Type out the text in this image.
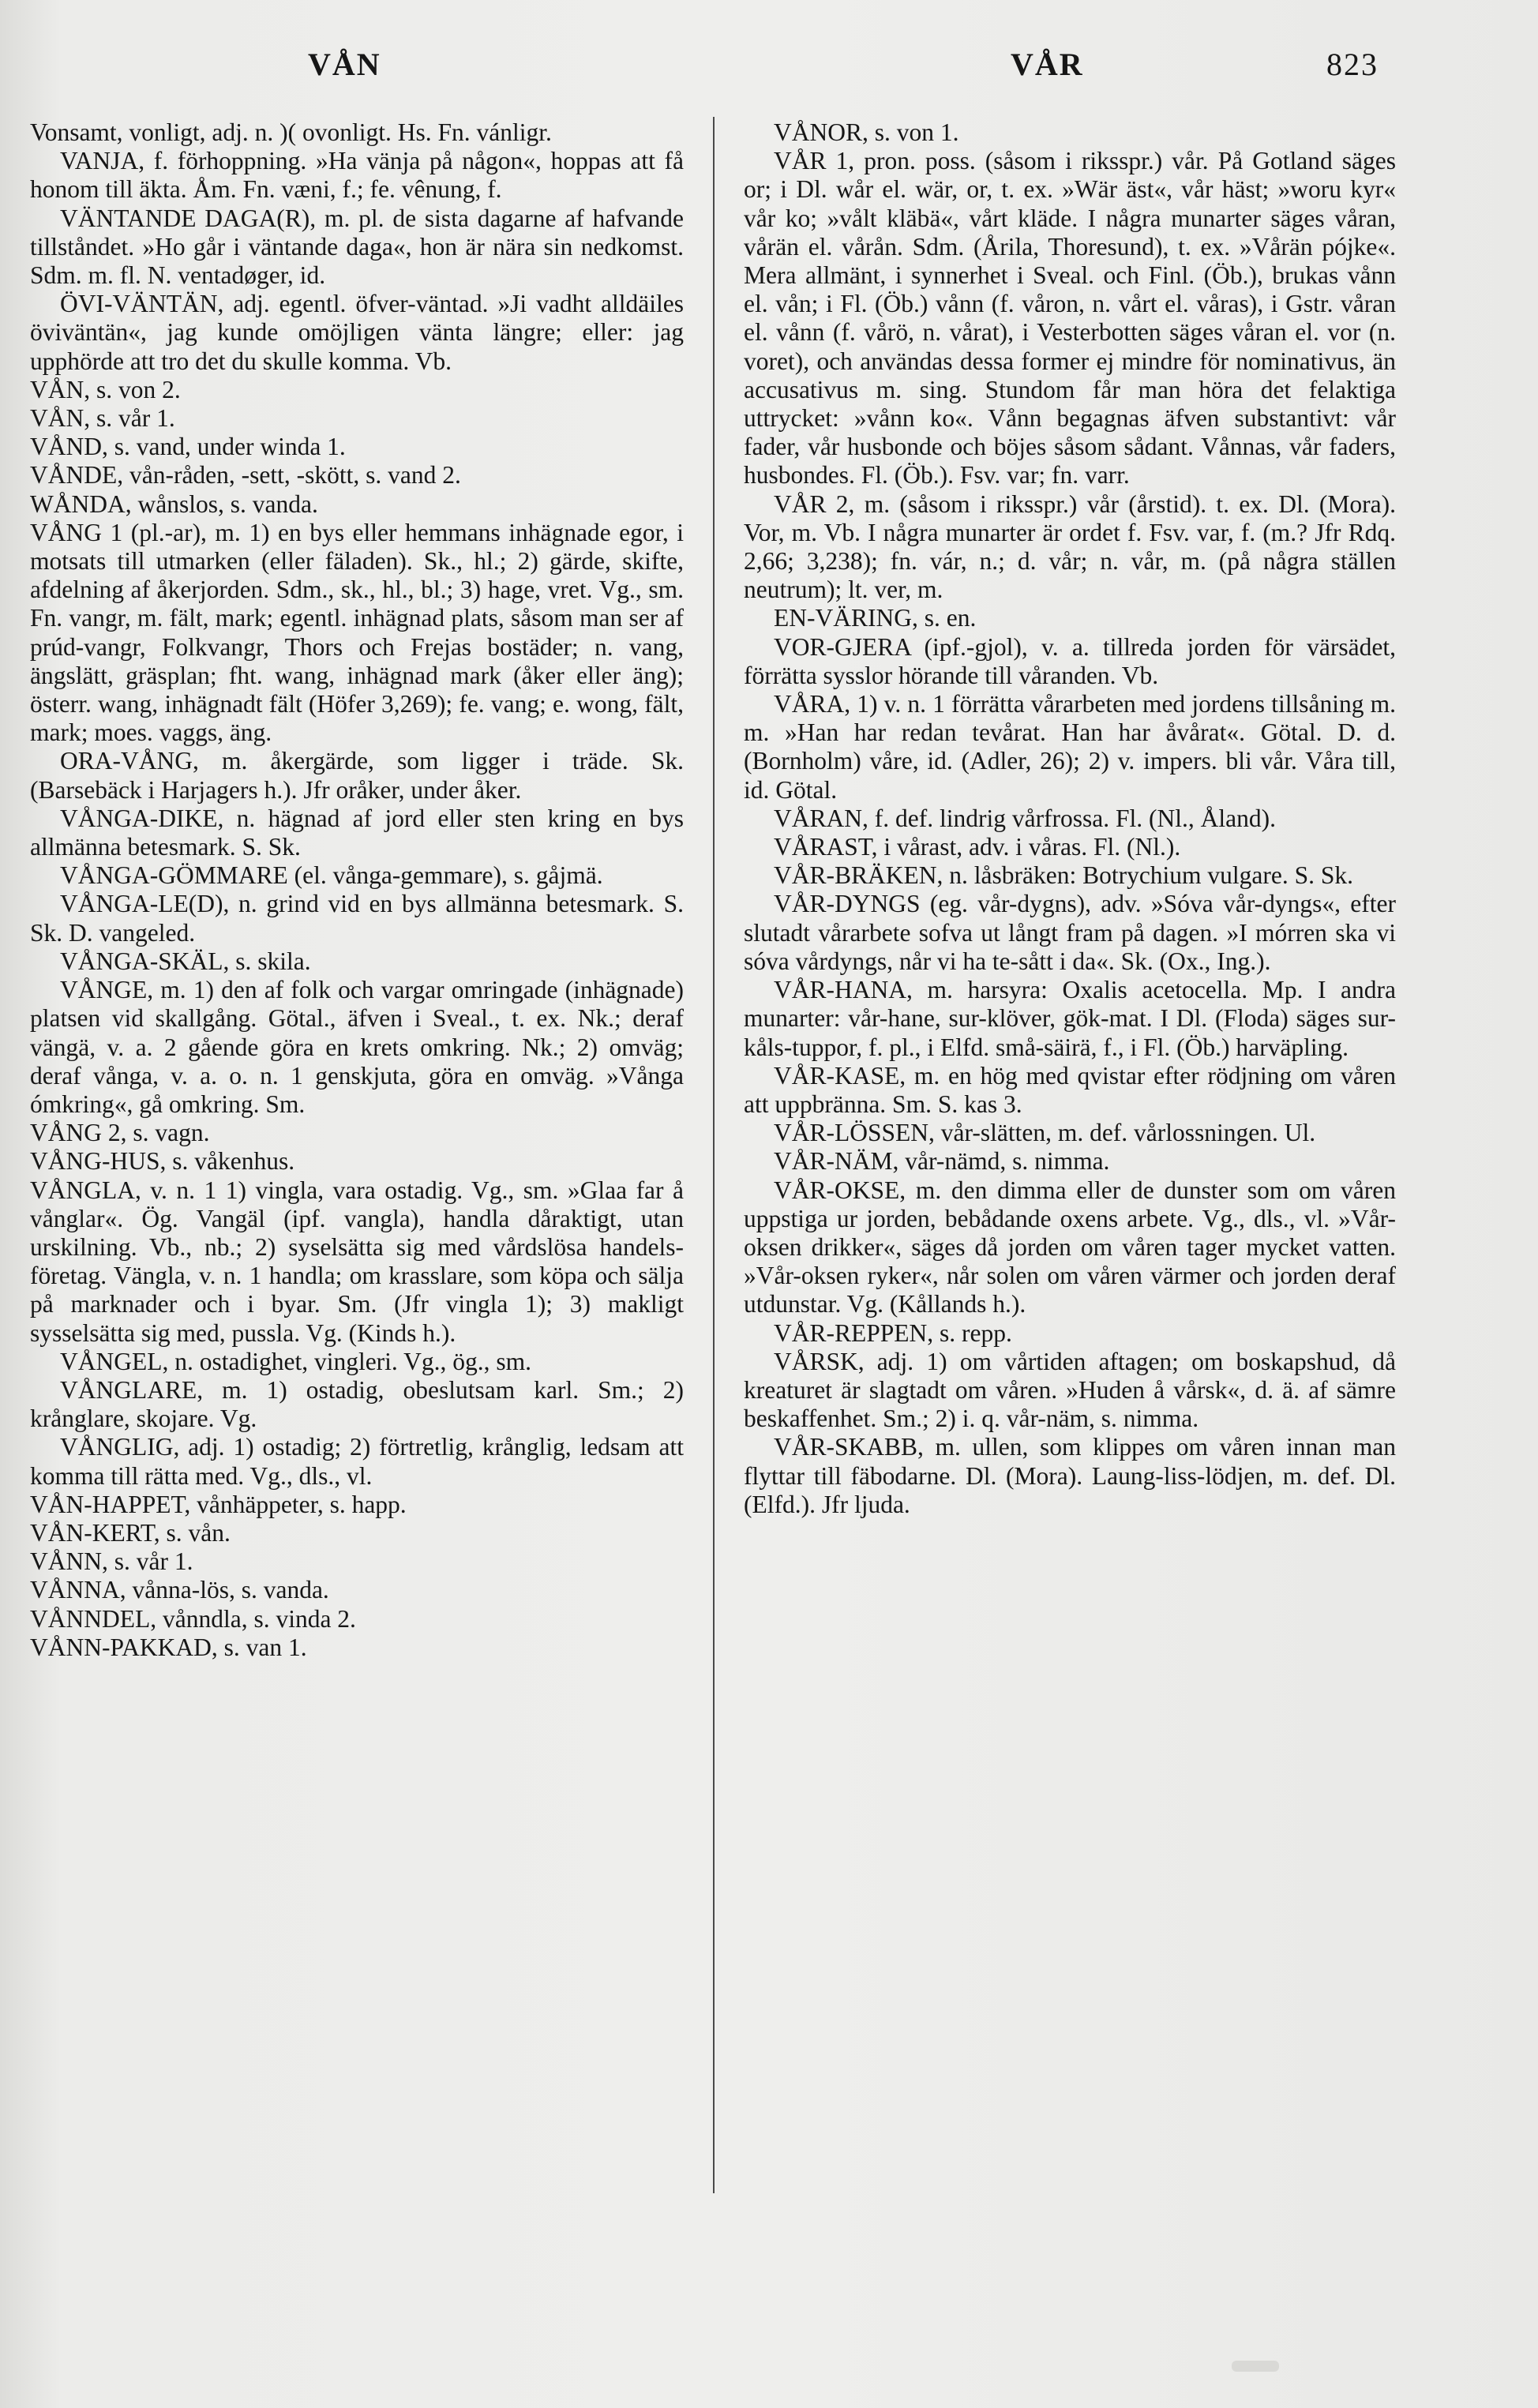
VÅN	VÅR	823

Vonsamt, vonligt, adj. n. )( ovonligt. Hs. Fn. vánligr.

VANJA, f. förhoppning. »Ha vänja på någon«, hoppas att få honom till äkta. Åm. Fn. væni, f.; fe. vênung, f.

VÄNTANDE DAGA(R), m. pl. de sista dagarne af hafvande tillståndet. »Ho går i väntande daga«, hon är nära sin nedkomst. Sdm. m. fl. N. ventadøger, id.

ÖVI-VÄNTÄN, adj. egentl. öfver-väntad. »Ji vadht alldäiles öviväntän«, jag kunde omöjligen vänta längre; eller: jag upphörde att tro det du skulle komma. Vb.

VÅN, s. von 2.

VÅN, s. vår 1.

VÅND, s. vand, under winda 1.

VÅNDE, vån-råden, -sett, -skött, s. vand 2.

WÅNDA, wånslos, s. vanda.

VÅNG 1 (pl.-ar), m. 1) en bys eller hemmans inhägnade egor, i motsats till utmarken (eller fäladen). Sk., hl.; 2) gärde, skifte, afdelning af åkerjorden. Sdm., sk., hl., bl.; 3) hage, vret. Vg., sm. Fn. vangr, m. fält, mark; egentl. inhägnad plats, såsom man ser af prúd-vangr, Folkvangr, Thors och Frejas bostäder; n. vang, ängslätt, gräsplan; fht. wang, inhägnad mark (åker eller äng); österr. wang, inhägnadt fält (Höfer 3,269); fe. vang; e. wong, fält, mark; moes. vaggs, äng.

ORA-VÅNG, m. åkergärde, som ligger i träde. Sk. (Barsebäck i Harjagers h.). Jfr oråker, under åker.

VÅNGA-DIKE, n. hägnad af jord eller sten kring en bys allmänna betesmark. S. Sk.

VÅNGA-GÖMMARE (el. vånga-gemmare), s. gåjmä.

VÅNGA-LE(D), n. grind vid en bys allmänna betesmark. S. Sk. D. vangeled.

VÅNGA-SKÄL, s. skila.

VÅNGE, m. 1) den af folk och vargar omringade (inhägnade) platsen vid skallgång. Götal., äfven i Sveal., t. ex. Nk.; deraf vängä, v. a. 2 gående göra en krets omkring. Nk.; 2) omväg; deraf vånga, v. a. o. n. 1 genskjuta, göra en omväg. »Vånga ómkring«, gå omkring. Sm.

VÅNG 2, s. vagn.

VÅNG-HUS, s. våkenhus.

VÅNGLA, v. n. 1 1) vingla, vara ostadig. Vg., sm. »Glaa far å vånglar«. Ög. Vangäl (ipf. vangla), handla dåraktigt, utan urskilning. Vb., nb.; 2) syselsätta sig med vårdslösa handels-företag. Vängla, v. n. 1 handla; om krasslare, som köpa och sälja på marknader och i byar. Sm. (Jfr vingla 1); 3) makligt sysselsätta sig med, pussla. Vg. (Kinds h.).

VÅNGEL, n. ostadighet, vingleri. Vg., ög., sm.

VÅNGLARE, m. 1) ostadig, obeslutsam karl. Sm.; 2) krånglare, skojare. Vg.

VÅNGLIG, adj. 1) ostadig; 2) förtretlig, krånglig, ledsam att komma till rätta med. Vg., dls., vl.

VÅN-HAPPET, vånhäppeter, s. happ.

VÅN-KERT, s. vån.

VÅNN, s. vår 1.

VÅNNA, vånna-lös, s. vanda.

VÅNNDEL, vånndla, s. vinda 2.

VÅNN-PAKKAD, s. van 1.

VÅNOR, s. von 1.

VÅR 1, pron. poss. (såsom i riksspr.) vår. På Gotland säges or; i Dl. wår el. wär, or, t. ex. »Wär äst«, vår häst; »woru kyr« vår ko; »vålt kläbä«, vårt kläde. I några munarter säges våran, vårän el. vårån. Sdm. (Årila, Thoresund), t. ex. »Vårän pójke«. Mera allmänt, i synnerhet i Sveal. och Finl. (Öb.), brukas vånn el. vån; i Fl. (Öb.) vånn (f. våron, n. vårt el. våras), i Gstr. våran el. vånn (f. vårö, n. vårat), i Vesterbotten säges våran el. vor (n. voret), och användas dessa former ej mindre för nominativus, än accusativus m. sing. Stundom får man höra det felaktiga uttrycket: »vånn ko«. Vånn begagnas äfven substantivt: vår fader, vår husbonde och böjes såsom sådant. Vånnas, vår faders, husbondes. Fl. (Öb.). Fsv. var; fn. varr.

VÅR 2, m. (såsom i riksspr.) vår (årstid). t. ex. Dl. (Mora). Vor, m. Vb. I några munarter är ordet f. Fsv. var, f. (m.? Jfr Rdq. 2,66; 3,238); fn. vár, n.; d. vår; n. vår, m. (på några ställen neutrum); lt. ver, m.

EN-VÄRING, s. en.

VOR-GJERA (ipf.-gjol), v. a. tillreda jorden för värsädet, förrätta sysslor hörande till våranden. Vb.

VÅRA, 1) v. n. 1 förrätta vårarbeten med jordens tillsåning m. m. »Han har redan tevårat. Han har åvårat«. Götal. D. d. (Bornholm) våre, id. (Adler, 26); 2) v. impers. bli vår. Våra till, id. Götal.

VÅRAN, f. def. lindrig vårfrossa. Fl. (Nl., Åland).

VÅRAST, i vårast, adv. i våras. Fl. (Nl.).

VÅR-BRÄKEN, n. låsbräken: Botrychium vulgare. S. Sk.

VÅR-DYNGS (eg. vår-dygns), adv. »Sóva vår-dyngs«, efter slutadt vårarbete sofva ut långt fram på dagen. »I mórren ska vi sóva vårdyngs, når vi ha te-sått i da«. Sk. (Ox., Ing.).

VÅR-HANA, m. harsyra: Oxalis acetocella. Mp. I andra munarter: vår-hane, sur-klöver, gök-mat. I Dl. (Floda) säges sur-kåls-tuppor, f. pl., i Elfd. små-säirä, f., i Fl. (Öb.) harväpling.

VÅR-KASE, m. en hög med qvistar efter rödjning om våren att uppbränna. Sm. S. kas 3.

VÅR-LÖSSEN, vår-slätten, m. def. vårlossningen. Ul.

VÅR-NÄM, vår-nämd, s. nimma.

VÅR-OKSE, m. den dimma eller de dunster som om våren uppstiga ur jorden, bebådande oxens arbete. Vg., dls., vl. »Vår-oksen drikker«, säges då jorden om våren tager mycket vatten. »Vår-oksen ryker«, når solen om våren värmer och jorden deraf utdunstar. Vg. (Kållands h.).

VÅR-REPPEN, s. repp.

VÅRSK, adj. 1) om vårtiden aftagen; om boskapshud, då kreaturet är slagtadt om våren. »Huden å vårsk«, d. ä. af sämre beskaffenhet. Sm.; 2) i. q. vår-näm, s. nimma.

VÅR-SKABB, m. ullen, som klippes om våren innan man flyttar till fäbodarne. Dl. (Mora). Laung-liss-lödjen, m. def. Dl. (Elfd.). Jfr ljuda.
